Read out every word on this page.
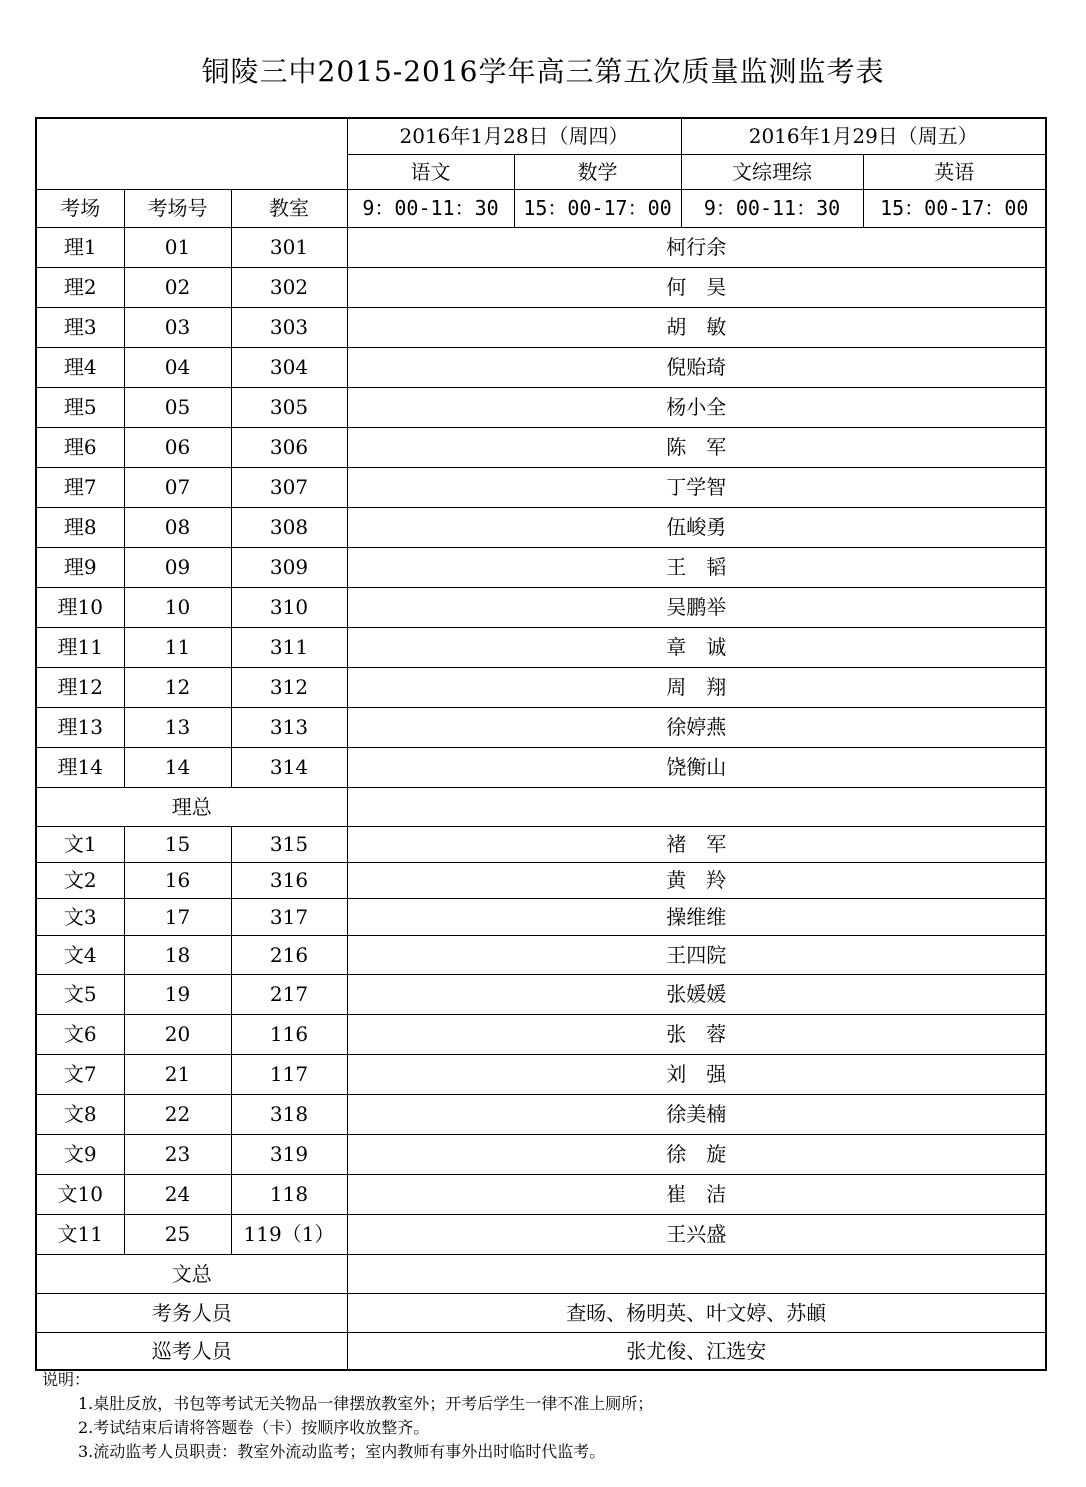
铜陵三中2015-2016学年高三第五次质量监测监考表
			2016年1月28日（周四）		2016年1月29日（周五）	
			语文	数学	文综理综	英语
考场	考场号	教室	9：00-11：30	15：00-17：00	9：00-11：30	15：00-17：00
理1	01	301	柯行余			
理2	02	302	何　昊			
理3	03	303	胡　敏			
理4	04	304	倪贻琦			
理5	05	305	杨小全			
理6	06	306	陈　军			
理7	07	307	丁学智			
理8	08	308	伍峻勇			
理9	09	309	王　韬			
理10	10	310	吴鹏举			
理11	11	311	章　诚			
理12	12	312	周　翔			
理13	13	313	徐婷燕			
理14	14	314	饶衡山			
理总						
文1	15	315	褚　军			
文2	16	316	黄　羚			
文3	17	317	操维维			
文4	18	216	王四院			
文5	19	217	张媛媛			
文6	20	116	张　蓉			
文7	21	117	刘　强			
文8	22	318	徐美楠			
文9	23	319	徐　旋			
文10	24	118	崔　洁			
文11	25	119（1）	王兴盛			
文总						
考务人员			查旸、杨明英、叶文婷、苏頔			
巡考人员			张尤俊、江选安			
说明：
1.桌肚反放，书包等考试无关物品一律摆放教室外；开考后学生一律不准上厕所；
2.考试结束后请将答题卷（卡）按顺序收放整齐。
3.流动监考人员职责：教室外流动监考；室内教师有事外出时临时代监考。
